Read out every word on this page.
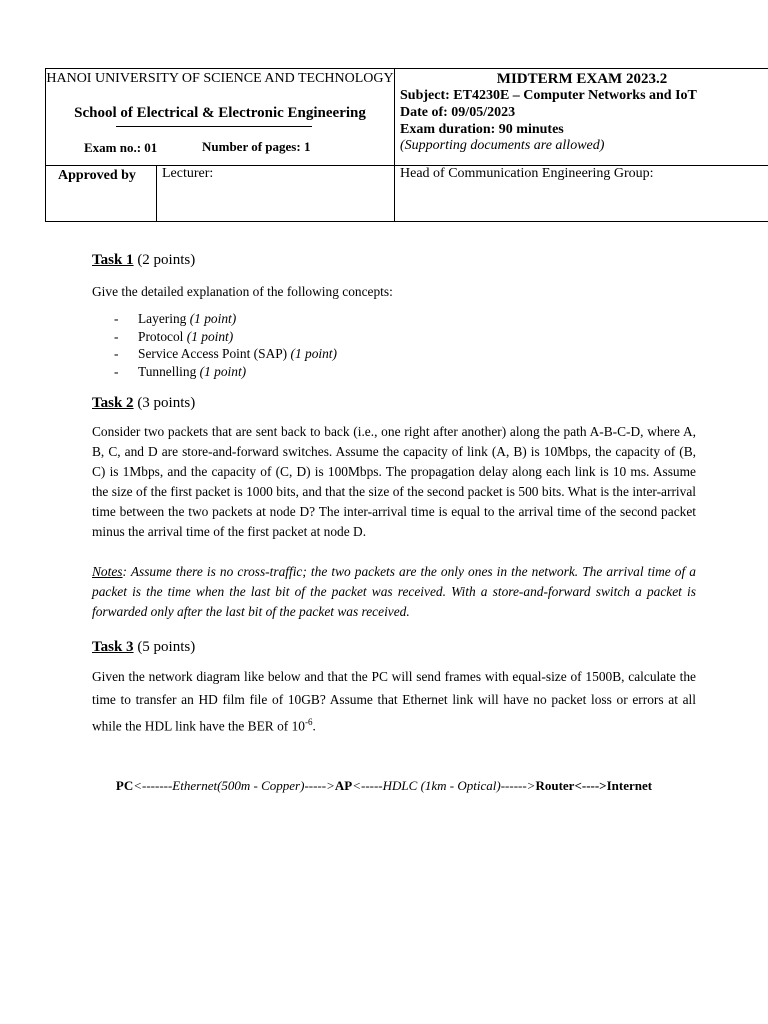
HANOI UNIVERSITY OF SCIENCE AND TECHNOLOGY
School of Electrical & Electronic Engineering
Exam no.: 01	Number of pages: 1
MIDTERM EXAM 2023.2
Subject: ET4230E – Computer Networks and IoT
Date of: 09/05/2023
Exam duration: 90 minutes
(Supporting documents are allowed)
Approved by Lecturer:	Head of Communication Engineering Group:
Task 1 (2 points)
Give the detailed explanation of the following concepts:
- Layering (1 point)
- Protocol (1 point)
- Service Access Point (SAP) (1 point)
- Tunnelling (1 point)
Task 2 (3 points)
Consider two packets that are sent back to back (i.e., one right after another) along the path A-B-C-D, where A, B, C, and D are store-and-forward switches. Assume the capacity of link (A, B) is 10Mbps, the capacity of (B, C) is 1Mbps, and the capacity of (C, D) is 100Mbps. The propagation delay along each link is 10 ms. Assume the size of the first packet is 1000 bits, and that the size of the second packet is 500 bits. What is the inter-arrival time between the two packets at node D? The inter-arrival time is equal to the arrival time of the second packet minus the arrival time of the first packet at node D.
Notes: Assume there is no cross-traffic; the two packets are the only ones in the network. The arrival time of a packet is the time when the last bit of the packet was received. With a store-and-forward switch a packet is forwarded only after the last bit of the packet was received.
Task 3 (5 points)
Given the network diagram like below and that the PC will send frames with equal-size of 1500B, calculate the time to transfer an HD film file of 10GB? Assume that Ethernet link will have no packet loss or errors at all while the HDL link have the BER of $10^{-6}$.
PC<-------Ethernet(500m - Copper)----->AP<-----HDLC (1km - Optical)------>Router<---->Internet
